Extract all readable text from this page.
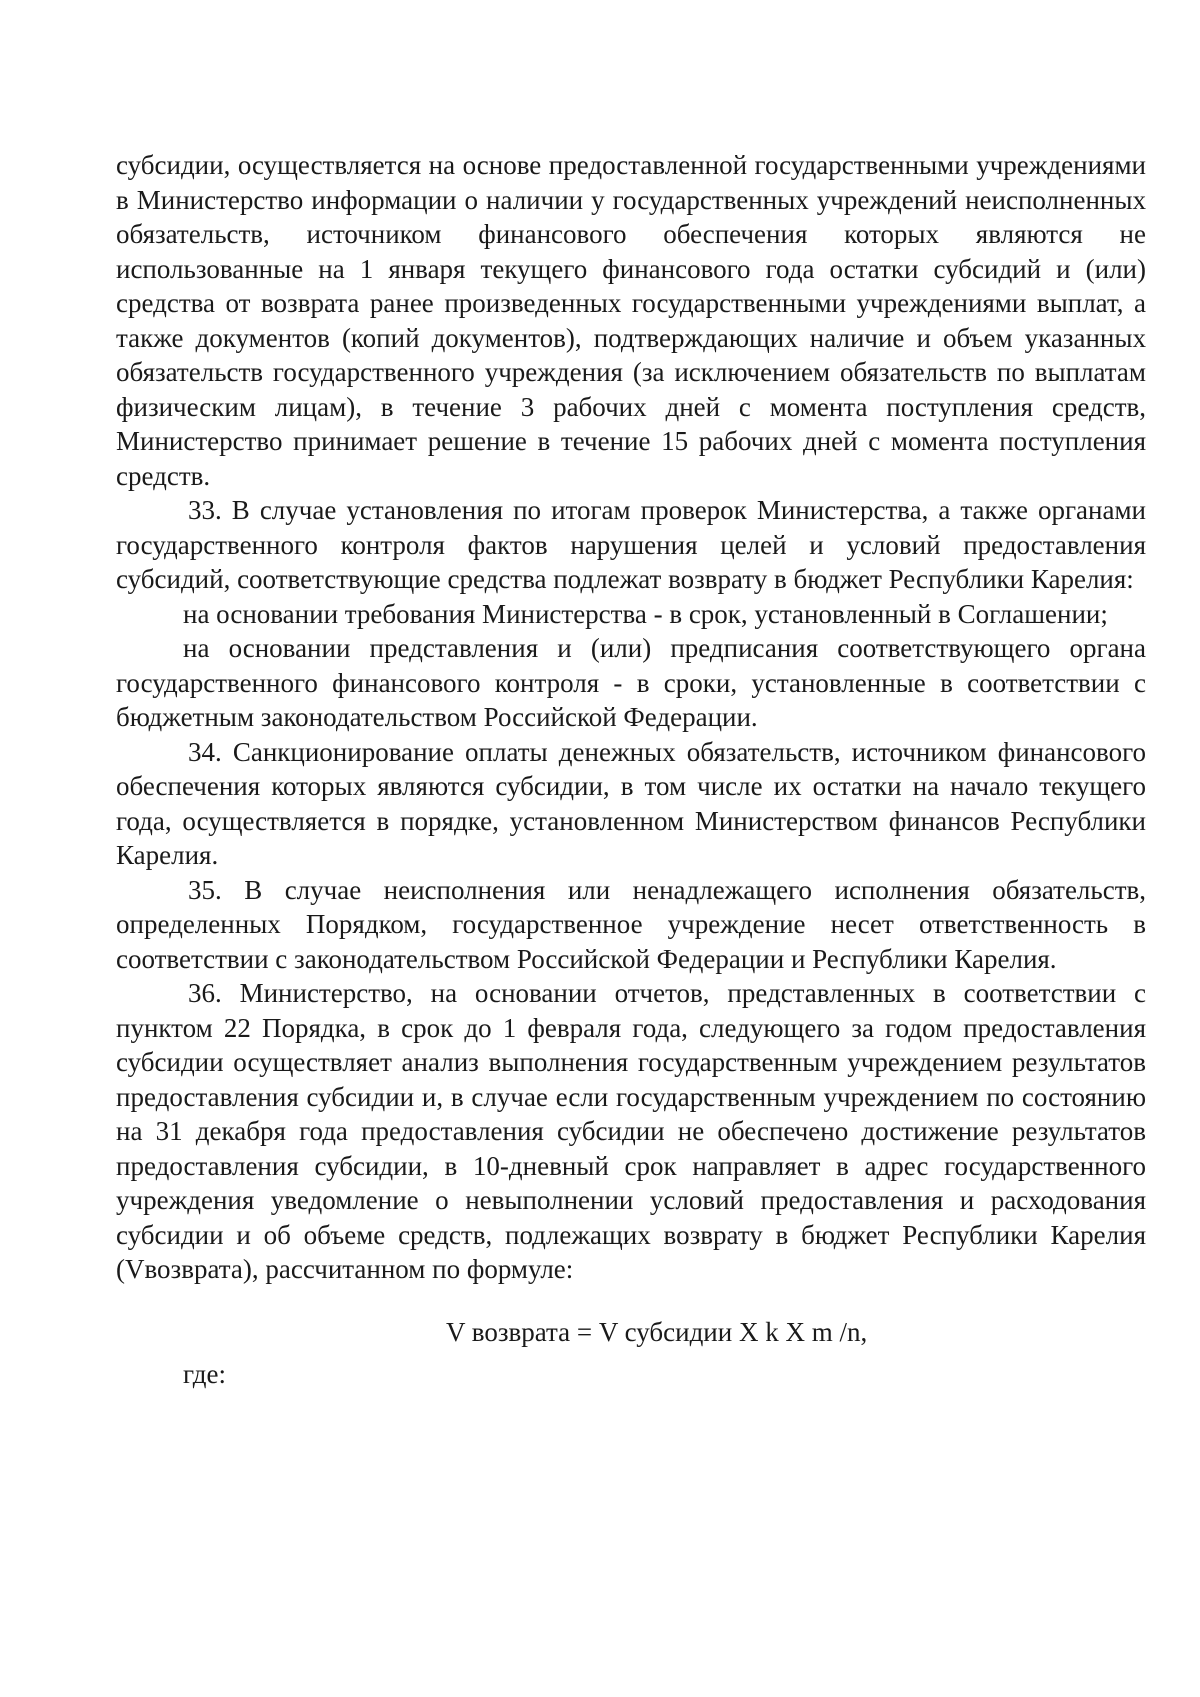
субсидии, осуществляется на основе предоставленной государственными учреждениями в Министерство информации о наличии у государственных учреждений неисполненных обязательств, источником финансового обеспечения которых являются не использованные на 1 января текущего финансового года остатки субсидий и (или) средства от возврата ранее произведенных государственными учреждениями выплат, а также документов (копий документов), подтверждающих наличие и объем указанных обязательств государственного учреждения (за исключением обязательств по выплатам физическим лицам), в течение 3 рабочих дней с момента поступления средств, Министерство принимает решение в течение 15 рабочих дней с момента поступления средств.

33. В случае установления по итогам проверок Министерства, а также органами государственного контроля фактов нарушения целей и условий предоставления субсидий, соответствующие средства подлежат возврату в бюджет Республики Карелия:

на основании требования Министерства - в срок, установленный в Соглашении;

на основании представления и (или) предписания соответствующего органа государственного финансового контроля - в сроки, установленные в соответствии с бюджетным законодательством Российской Федерации.

34. Санкционирование оплаты денежных обязательств, источником финансового обеспечения которых являются субсидии, в том числе их остатки на начало текущего года, осуществляется в порядке, установленном Министерством финансов Республики Карелия.

35. В случае неисполнения или ненадлежащего исполнения обязательств, определенных Порядком, государственное учреждение несет ответственность в соответствии с законодательством Российской Федерации и Республики Карелия.

36. Министерство, на основании отчетов, представленных в соответствии с пунктом 22 Порядка, в срок до 1 февраля года, следующего за годом предоставления субсидии осуществляет анализ выполнения государственным учреждением результатов предоставления субсидии и, в случае если государственным учреждением по состоянию на 31 декабря года предоставления субсидии не обеспечено достижение результатов предоставления субсидии, в 10-дневный срок направляет в адрес государственного учреждения уведомление о невыполнении условий предоставления и расходования субсидии и об объеме средств, подлежащих возврату в бюджет Республики Карелия (Vвозврата), рассчитанном по формуле:

V возврата = V субсидии X k X m /n,

где:
